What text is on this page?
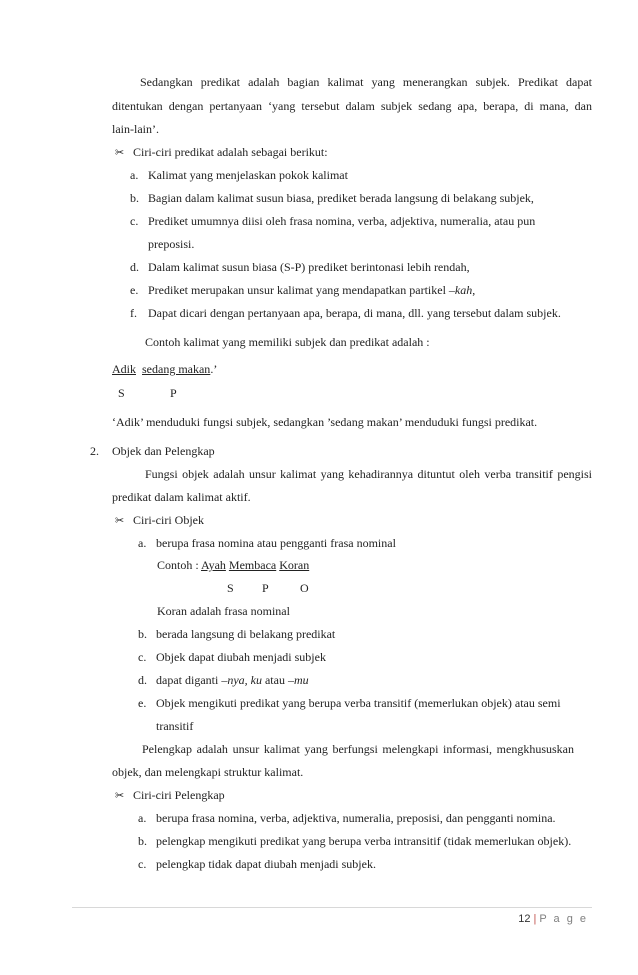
Sedangkan predikat adalah bagian kalimat yang menerangkan subjek. Predikat dapat
ditentukan dengan pertanyaan ‘yang tersebut dalam subjek sedang apa, berapa, di mana, dan
lain-lain’.
✂ Ciri-ciri predikat adalah sebagai berikut:
a. Kalimat yang menjelaskan pokok kalimat
b. Bagian dalam kalimat susun biasa, prediket berada langsung di belakang subjek,
c. Prediket umumnya diisi oleh frasa nomina, verba, adjektiva, numeralia, atau pun
preposisi.
d. Dalam kalimat susun biasa (S-P) prediket berintonasi lebih rendah,
e. Prediket merupakan unsur kalimat yang mendapatkan partikel –kah,
f. Dapat dicari dengan pertanyaan apa, berapa, di mana, dll. yang tersebut dalam subjek.
Contoh kalimat yang memiliki subjek dan predikat adalah :
Adik sedang makan.’
S	P
‘Adik’ menduduki fungsi subjek, sedangkan ’sedang makan’ menduduki fungsi predikat.
2. Objek dan Pelengkap
Fungsi objek adalah unsur kalimat yang kehadirannya dituntut oleh verba transitif pengisi
predikat dalam kalimat aktif.
✂ Ciri-ciri Objek
a. berupa frasa nomina atau pengganti frasa nominal
Contoh : Ayah Membaca Koran
S P	O
Koran adalah frasa nominal
b. berada langsung di belakang predikat
c. Objek dapat diubah menjadi subjek
d. dapat diganti –nya, ku atau –mu
e. Objek mengikuti predikat yang berupa verba transitif (memerlukan objek) atau semi
transitif
Pelengkap adalah unsur kalimat yang berfungsi melengkapi informasi, mengkhususkan
objek, dan melengkapi struktur kalimat.
✂ Ciri-ciri Pelengkap
a. berupa frasa nomina, verba, adjektiva, numeralia, preposisi, dan pengganti nomina.
b. pelengkap mengikuti predikat yang berupa verba intransitif (tidak memerlukan objek).
c. pelengkap tidak dapat diubah menjadi subjek.
12 | P a g e
